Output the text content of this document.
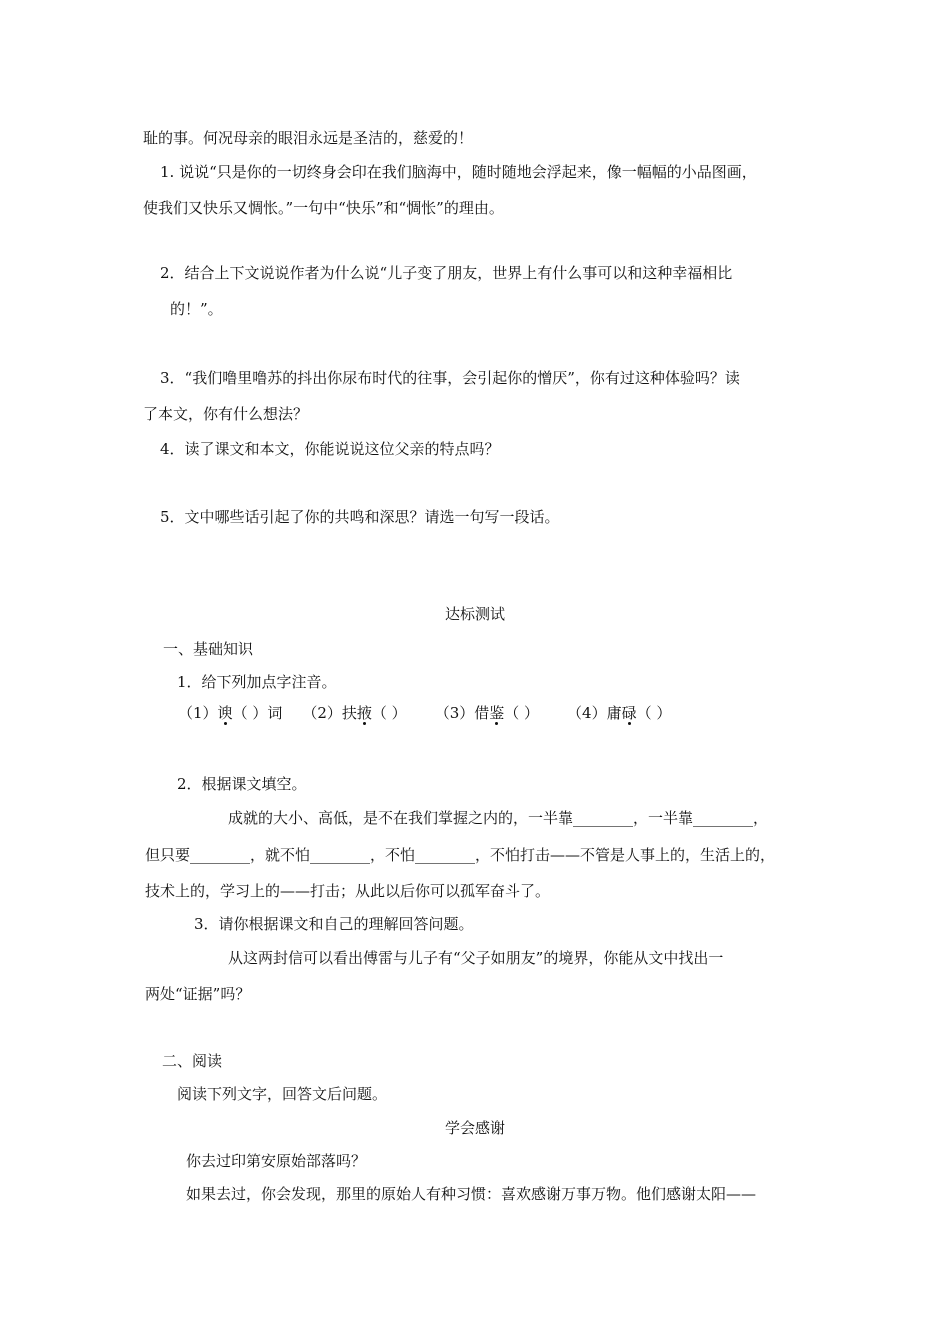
耻的事。何况母亲的眼泪永远是圣洁的，慈爱的！
1. 说说“只是你的一切终身会印在我们脑海中，随时随地会浮起来，像一幅幅的小品图画，
使我们又快乐又惆怅。”一句中“快乐”和“惆怅”的理由。
2．结合上下文说说作者为什么说“儿子变了朋友，世界上有什么事可以和这种幸福相比
的！”。
3．“我们噜里噜苏的抖出你尿布时代的往事，会引起你的憎厌”，你有过这种体验吗？读
了本文，你有什么想法？
4．读了课文和本文，你能说说这位父亲的特点吗？
5．文中哪些话引起了你的共鸣和深思？请选一句写一段话。
达标测试
一、基础知识
1．给下列加点字注音。
（1）谀
（ ）词 （2）扶掖
（ ） （3）借鉴
（ ） （4）庸碌
（ ）
2．根据课文填空。
成就的大小、高低，是不在我们掌握之内的，一半靠________，一半靠________，
但只要________，就不怕________，不怕________，不怕打击——不管是人事上的，生活上的，
技术上的，学习上的——打击；从此以后你可以孤军奋斗了。
3．请你根据课文和自己的理解回答问题。
从这两封信可以看出傅雷与儿子有“父子如朋友”的境界，你能从文中找出一
两处“证据”吗？
二、阅读
阅读下列文字，回答文后问题。
学会感谢
你去过印第安原始部落吗？
如果去过，你会发现，那里的原始人有种习惯：喜欢感谢万事万物。他们感谢太阳——
